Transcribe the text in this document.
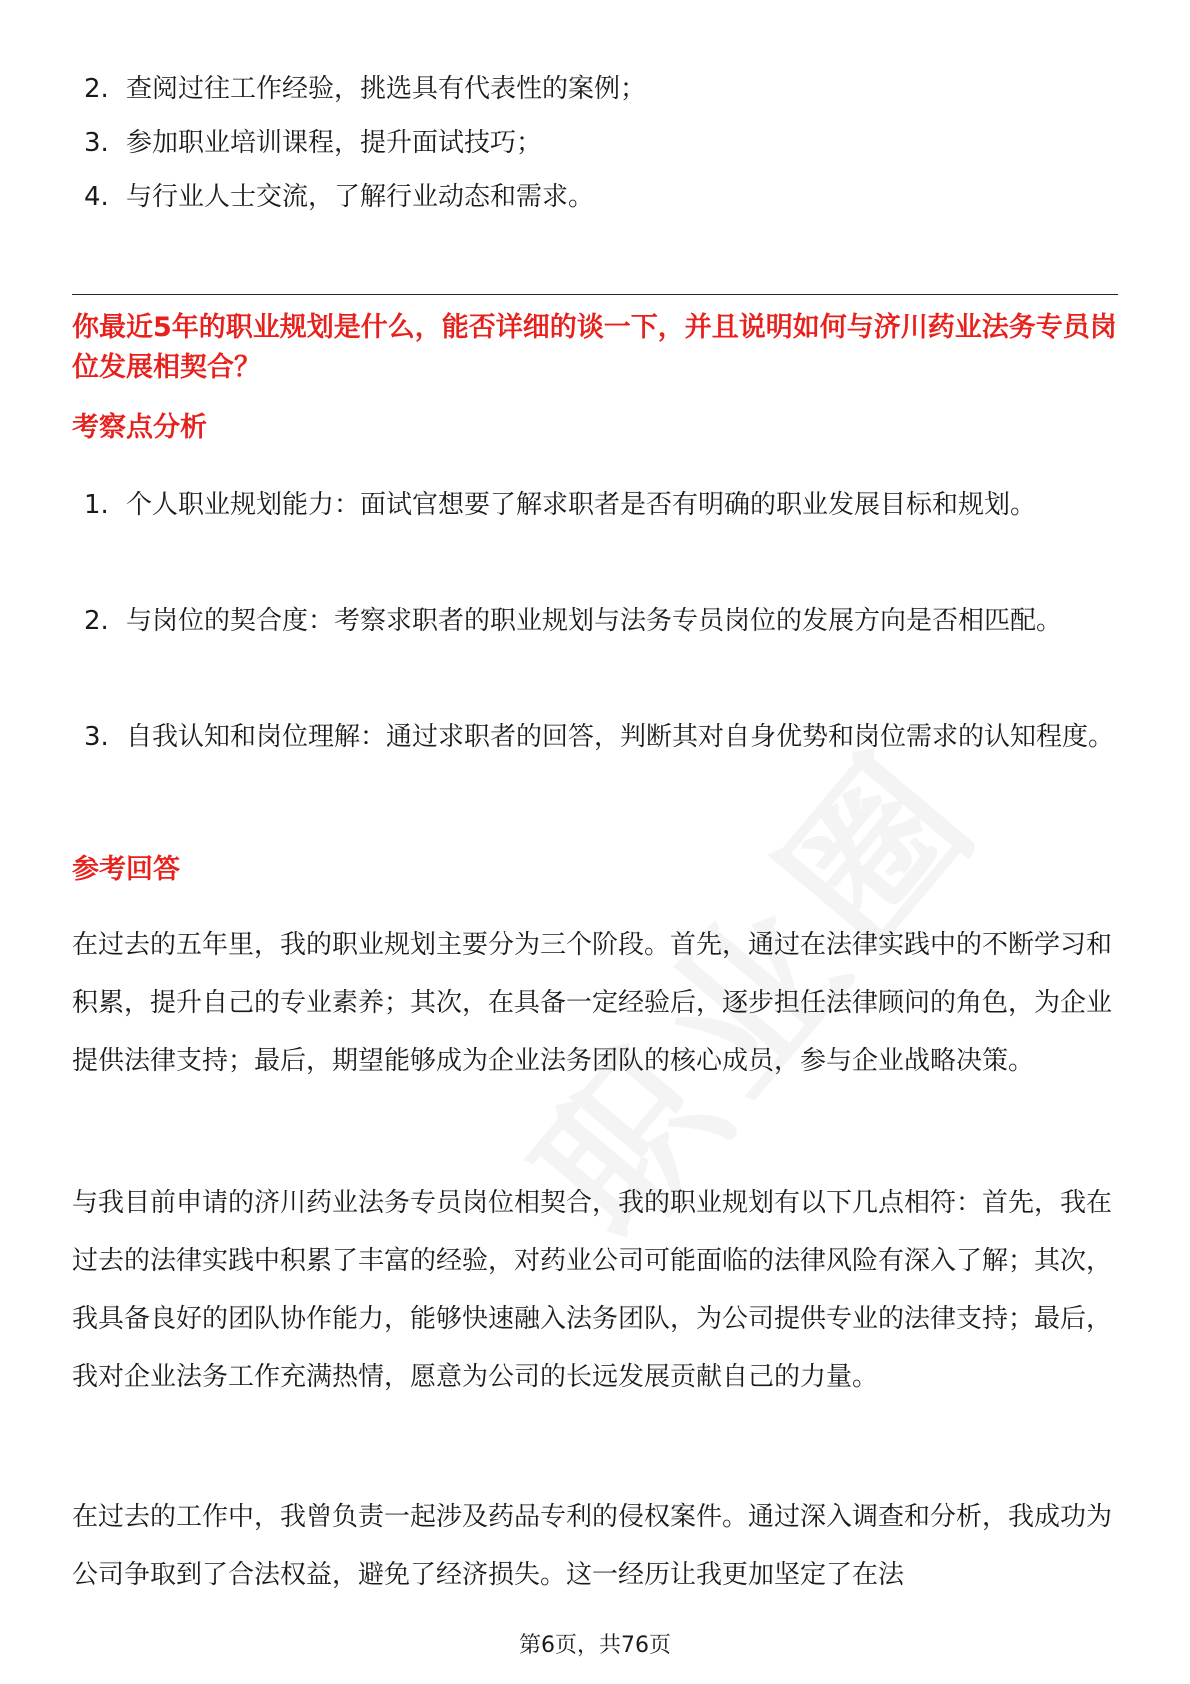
2. 查阅过往工作经验，挑选具有代表性的案例；
3. 参加职业培训课程，提升面试技巧；
4. 与行业人士交流，了解行业动态和需求。
你最近5年的职业规划是什么，能否详细的谈一下，并且说明如何与济川药业法务专员岗位发展相契合？
考察点分析
1. 个人职业规划能力：面试官想要了解求职者是否有明确的职业发展目标和规划。
2. 与岗位的契合度：考察求职者的职业规划与法务专员岗位的发展方向是否相匹配。
3. 自我认知和岗位理解：通过求职者的回答，判断其对自身优势和岗位需求的认知程度。
参考回答
在过去的五年里，我的职业规划主要分为三个阶段。首先，通过在法律实践中的不断学习和积累，提升自己的专业素养；其次，在具备一定经验后，逐步担任法律顾问的角色，为企业提供法律支持；最后，期望能够成为企业法务团队的核心成员，参与企业战略决策。
与我目前申请的济川药业法务专员岗位相契合，我的职业规划有以下几点相符：首先，我在过去的法律实践中积累了丰富的经验，对药业公司可能面临的法律风险有深入了解；其次，我具备良好的团队协作能力，能够快速融入法务团队，为公司提供专业的法律支持；最后，我对企业法务工作充满热情，愿意为公司的长远发展贡献自己的力量。
在过去的工作中，我曾负责一起涉及药品专利的侵权案件。通过深入调查和分析，我成功为公司争取到了合法权益，避免了经济损失。这一经历让我更加坚定了在法
第6页，共76页
